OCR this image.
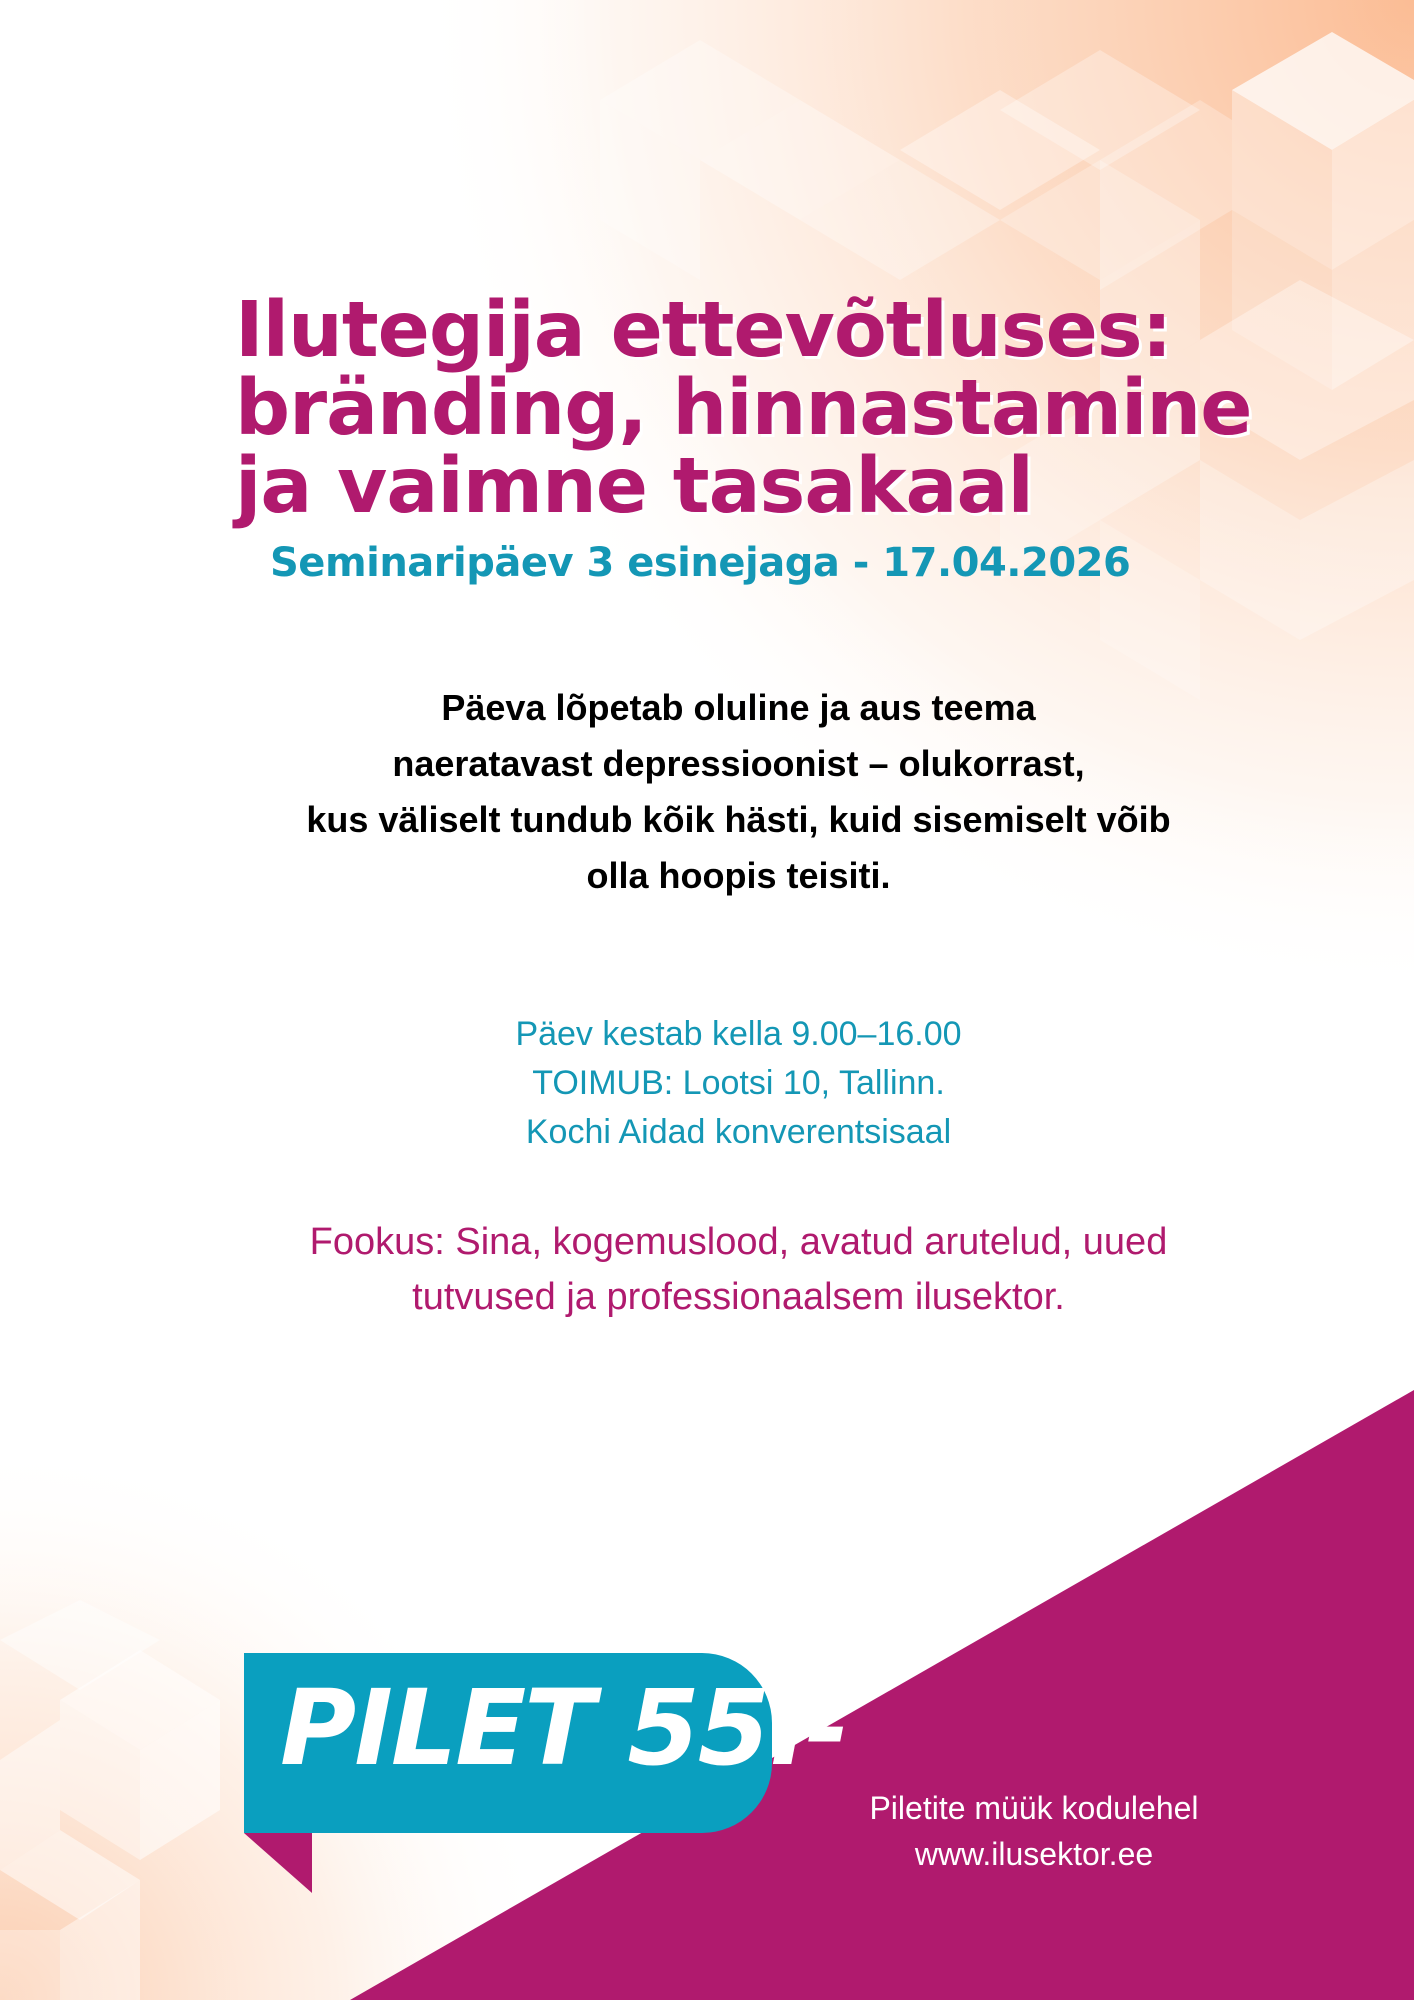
Ilutegija ettevõtluses:
bränding, hinnastamine
ja vaimne tasakaal
Seminaripäev 3 esinejaga - 17.04.2026
Päeva lõpetab oluline ja aus teema
naeratavast depressioonist – olukorrast,
kus väliselt tundub kõik hästi, kuid sisemiselt võib
olla hoopis teisiti.
Päev kestab kella 9.00–16.00
TOIMUB: Lootsi 10, Tallinn.
Kochi Aidad konverentsisaal
Fookus: Sina, kogemuslood, avatud arutelud, uued
tutvused ja professionaalsem ilusektor.
PILET 55.-
Piletite müük kodulehel
www.ilusektor.ee
